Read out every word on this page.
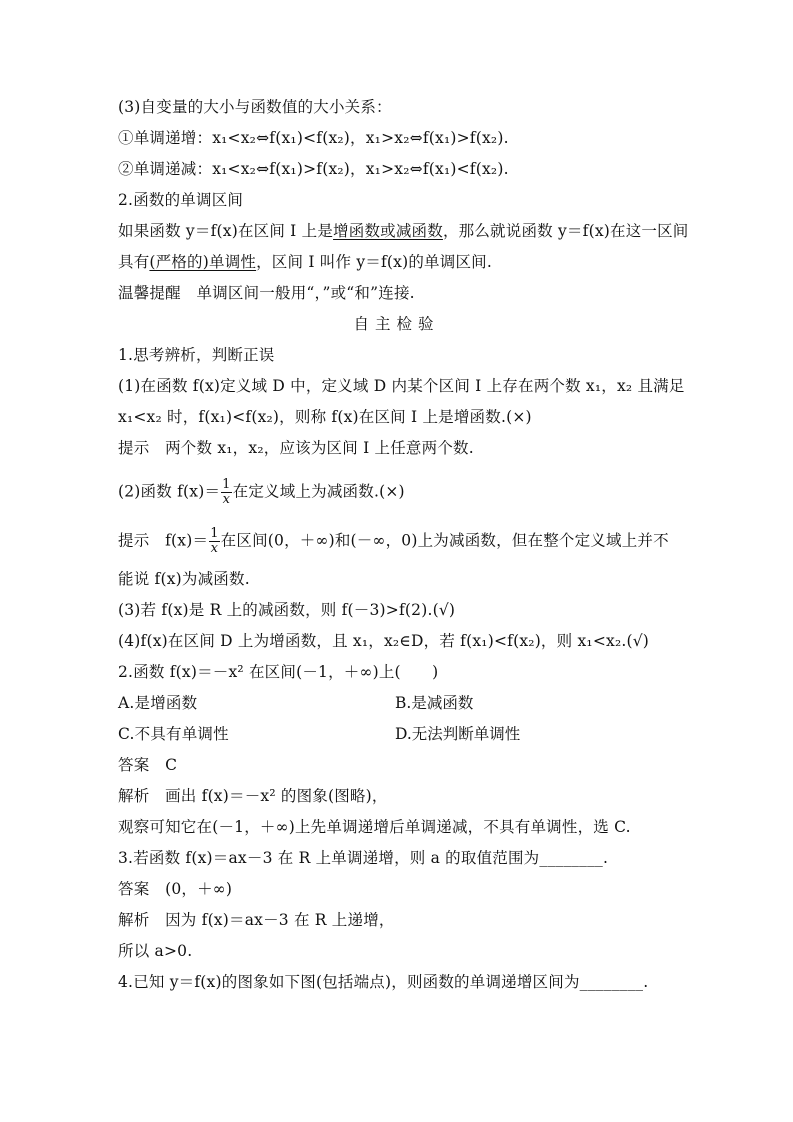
(3)自变量的大小与函数值的大小关系：
①单调递增：x₁<x₂⇔f(x₁)<f(x₂)，x₁>x₂⇔f(x₁)>f(x₂).
②单调递减：x₁<x₂⇔f(x₁)>f(x₂)，x₁>x₂⇔f(x₁)<f(x₂).
2.函数的单调区间
如果函数 y＝f(x)在区间 I 上是增函数或减函数，那么就说函数 y＝f(x)在这一区间
具有(严格的)单调性，区间 I 叫作 y＝f(x)的单调区间.
温馨提醒　单调区间一般用“，”或“和”连接.
自主检验
1.思考辨析，判断正误
(1)在函数 f(x)定义域 D 中，定义域 D 内某个区间 I 上存在两个数 x₁，x₂ 且满足
x₁<x₂ 时，f(x₁)<f(x₂)，则称 f(x)在区间 I 上是增函数.(×)
提示　两个数 x₁，x₂，应该为区间 I 上任意两个数.
(2)函数 $f(x)= \frac{1}{x}$ 在定义域上为减函数.(×)
提示　$f(x)= \frac{1}{x}$ 在区间(0，＋∞)和(－∞，0)上为减函数，但在整个定义域上并不
能说 f(x)为减函数.
(3)若 f(x)是 R 上的减函数，则 f(－3)>f(2).(√)
(4)f(x)在区间 D 上为增函数，且 x₁，x₂∈D，若 f(x₁)<f(x₂)，则 x₁<x₂.(√)
2.函数 f(x)＝－x² 在区间(－1，＋∞)上(　　)
A.是增函数	B.是减函数
C.不具有单调性	D.无法判断单调性
答案　C
解析　画出 f(x)＝－x² 的图象(图略)，
观察可知它在(－1，＋∞)上先单调递增后单调递减，不具有单调性，选 C.
3.若函数 f(x)＝ax－3 在 R 上单调递增，则 a 的取值范围为________.
答案　(0，＋∞)
解析　因为 f(x)＝ax－3 在 R 上递增，
所以 a>0.
4.已知 y＝f(x)的图象如下图(包括端点)，则函数的单调递增区间为________.
